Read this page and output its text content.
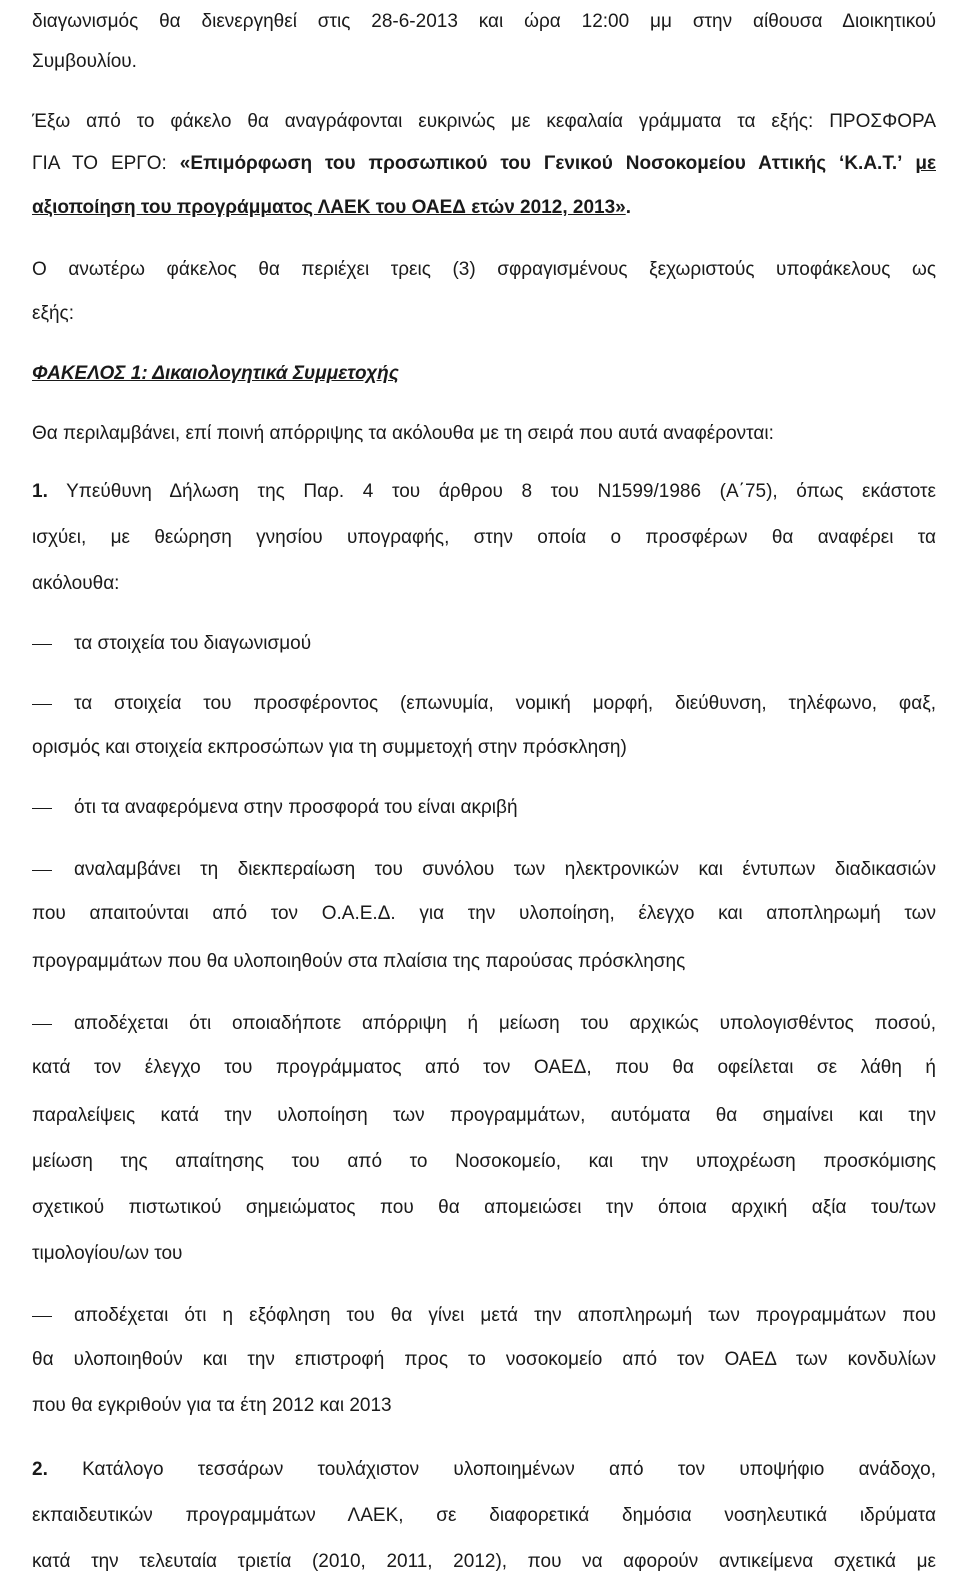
διαγωνισμός θα διενεργηθεί στις 28-6-2013 και ώρα 12:00 μμ στην αίθουσα Διοικητικού

Συμβουλίου.

Έξω από το φάκελο θα αναγράφονται ευκρινώς με κεφαλαία γράμματα τα εξής: ΠΡΟΣΦΟΡΑ

ΓΙΑ ΤΟ ΕΡΓΟ: «Επιμόρφωση του προσωπικού του Γενικού Νοσοκομείου Αττικής ‘Κ.Α.Τ.’ με

αξιοποίηση του προγράμματος ΛΑΕΚ του ΟΑΕΔ ετών 2012, 2013».

Ο ανωτέρω φάκελος θα περιέχει τρεις (3) σφραγισμένους ξεχωριστούς υποφάκελους ως

εξής:

ΦΑΚΕΛΟΣ 1: Δικαιολογητικά Συμμετοχής

Θα περιλαμβάνει, επί ποινή απόρριψης τα ακόλουθα με τη σειρά που αυτά αναφέρονται:

1. Υπεύθυνη Δήλωση της Παρ. 4 του άρθρου 8 του Ν1599/1986 (Α΄75), όπως εκάστοτε

ισχύει, με θεώρηση γνησίου υπογραφής, στην οποία ο προσφέρων θα αναφέρει τα

ακόλουθα:

τα στοιχεία του διαγωνισμού

τα στοιχεία του προσφέροντος (επωνυμία, νομική μορφή, διεύθυνση, τηλέφωνο, φαξ,

ορισμός και στοιχεία εκπροσώπων για τη συμμετοχή στην πρόσκληση)

ότι τα αναφερόμενα στην προσφορά του είναι ακριβή

αναλαμβάνει τη διεκπεραίωση του συνόλου των ηλεκτρονικών και έντυπων διαδικασιών

που απαιτούνται από τον Ο.Α.Ε.Δ. για την υλοποίηση, έλεγχο και αποπληρωμή των

προγραμμάτων που θα υλοποιηθούν στα πλαίσια της παρούσας πρόσκλησης

αποδέχεται ότι οποιαδήποτε απόρριψη ή μείωση του αρχικώς υπολογισθέντος ποσού,

κατά τον έλεγχο του προγράμματος από τον ΟΑΕΔ, που θα οφείλεται σε λάθη ή

παραλείψεις κατά την υλοποίηση των προγραμμάτων, αυτόματα θα σημαίνει και την

μείωση της απαίτησης του από το Νοσοκομείο, και την υποχρέωση προσκόμισης

σχετικού πιστωτικού σημειώματος που θα απομειώσει την όποια αρχική αξία του/των

τιμολογίου/ων του

αποδέχεται ότι η εξόφληση του θα γίνει μετά την αποπληρωμή των προγραμμάτων που

θα υλοποιηθούν και την επιστροφή προς το νοσοκομείο από τον ΟΑΕΔ των κονδυλίων

που θα εγκριθούν για τα έτη 2012 και 2013

2. Κατάλογο τεσσάρων τουλάχιστον υλοποιημένων από τον υποψήφιο ανάδοχο,

εκπαιδευτικών προγραμμάτων ΛΑΕΚ, σε διαφορετικά δημόσια νοσηλευτικά ιδρύματα

κατά την τελευταία τριετία (2010, 2011, 2012), που να αφορούν αντικείμενα σχετικά με
